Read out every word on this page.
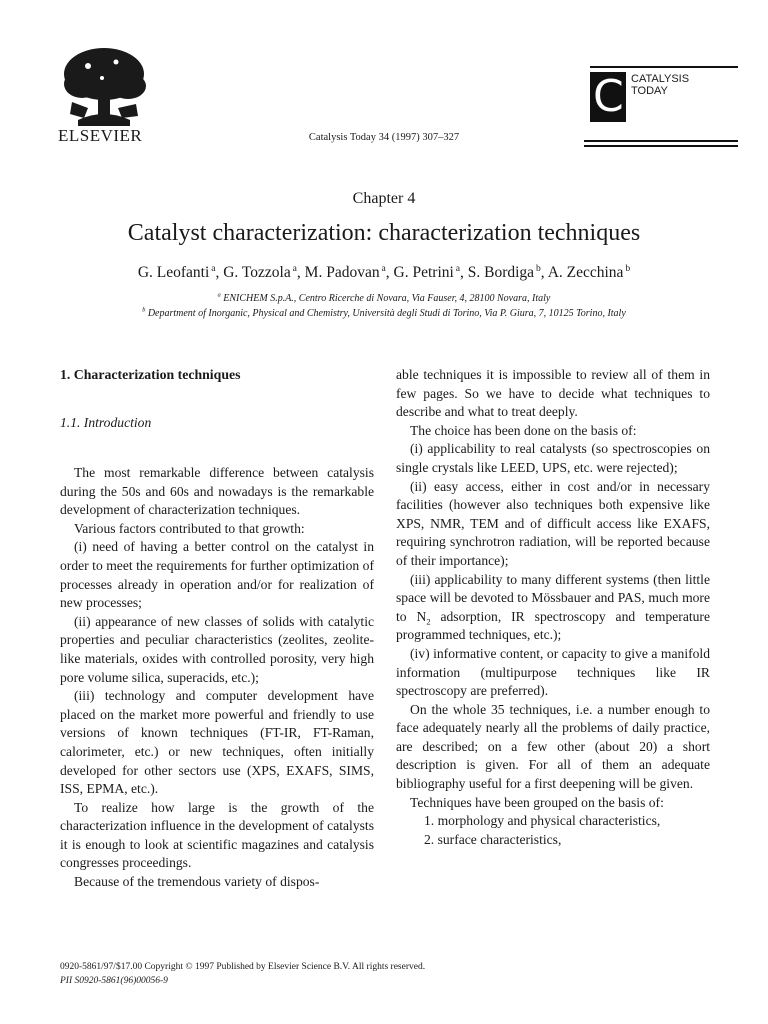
ELSEVIER	Catalysis Today 34 (1997) 307–327
C CATALYSIS
TODAY
Chapter 4
Catalyst characterization: characterization techniques
G. Leofanti  $^a$, G. Tozzola  $^a$, M. Padovan  $^a$, G. Petrini  $^a$, S. Bordiga  $^b$, A. Zecchina  $^b$
$^a$ ENICHEM S.p.A., Centro Ricerche di Novara, Via Fauser, 4, 28100 Novara, Italy
$^b$ Department of Inorganic, Physical and Chemistry, Università degli Studi di Torino, Via P. Giura, 7, 10125 Torino, Italy
1. Characterization techniques
1.1. Introduction

The most remarkable difference between catalysis during the 50s and 60s and nowadays is the remarkable development of characterization techniques.

Various factors contributed to that growth:

(i) need of having a better control on the catalyst in order to meet the requirements for further optimization of processes already in operation and/or for realization of new processes;

(ii) appearance of new classes of solids with catalytic properties and peculiar characteristics (zeolites, zeolite-like materials, oxides with controlled porosity, very high pore volume silica, superacids, etc.);

(iii) technology and computer development have placed on the market more powerful and friendly to use versions of known techniques (FT-IR, FT-Raman, calorimeter, etc.) or new techniques, often initially developed for other sectors use (XPS, EXAFS, SIMS, ISS, EPMA, etc.).

To realize how large is the growth of the characterization influence in the development of catalysts it is enough to look at scientific magazines and catalysis congresses proceedings.

Because of the tremendous variety of dispos-

able techniques it is impossible to review all of them in few pages. So we have to decide what techniques to describe and what to treat deeply.

The choice has been done on the basis of:

(i) applicability to real catalysts (so spectroscopies on single crystals like LEED, UPS, etc. were rejected);

(ii) easy access, either in cost and/or in necessary facilities (however also techniques both expensive like XPS, NMR, TEM and of difficult access like EXAFS, requiring synchrotron radiation, will be reported because of their importance);

(iii) applicability to many different systems (then little space will be devoted to Mössbauer and PAS, much more to $N_2$ adsorption, IR spectroscopy and temperature programmed techniques, etc.);

(iv) informative content, or capacity to give a manifold information (multipurpose techniques like IR spectroscopy are preferred).

On the whole 35 techniques, i.e. a number enough to face adequately nearly all the problems of daily practice, are described; on a few other (about 20) a short description is given. For all of them an adequate bibliography useful for a first deepening will be given.

Techniques have been grouped on the basis of:

1. morphology and physical characteristics,

2. surface characteristics,

0920-5861/97/$17.00 Copyright © 1997 Published by Elsevier Science B.V. All rights reserved.
PII S0920-5861(96)00056-9
